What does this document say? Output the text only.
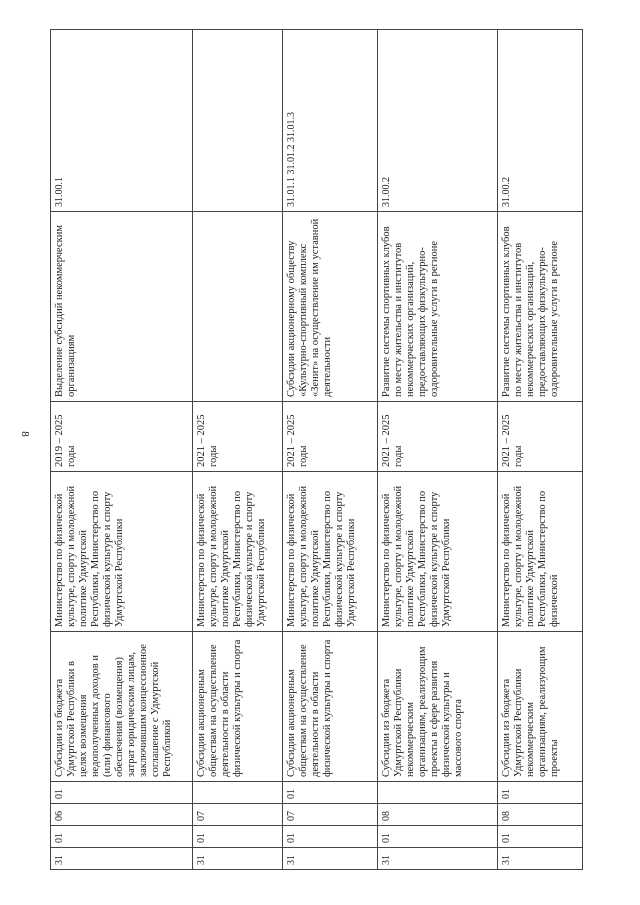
8
31	01	06	01	Субсидии из бюджета Удмуртской Республики в целях возмещения недополученных доходов и (или) финансового обеспечения (возмещения) затрат юридическим лицам, заключившим концессионное соглашение с Удмуртской Республикой	Министерство по физической культуре, спорту и молодежной политике Удмуртской Республики, Министерство по физической культуре и спорту Удмуртской Республики	2019 – 2025 годы	Выделение субсидий некоммерческим организациям	31.00.1
31	01	07		Субсидии акционерным обществам на осуществление деятельности в области физической культуры и спорта	Министерство по физической культуре, спорту и молодежной политике Удмуртской Республики, Министерство по физической культуре и спорту Удмуртской Республики	2021 – 2025 годы		
31	01	07	01	Субсидии акционерным обществам на осуществление деятельности в области физической культуры и спорта	Министерство по физической культуре, спорту и молодежной политике Удмуртской Республики, Министерство по физической культуре и спорту Удмуртской Республики	2021 – 2025 годы	Субсидии акционерному обществу «Культурно-спортивный комплекс «Зенит» на осуществление им уставной деятельности	31.01.1 31.01.2 31.01.3
31	01	08		Субсидии из бюджета Удмуртской Республики некоммерческим организациям, реализующим проекты в сфере развития физической культуры и массового спорта	Министерство по физической культуре, спорту и молодежной политике Удмуртской Республики, Министерство по физической культуре и спорту Удмуртской Республики	2021 – 2025 годы	Развитие системы спортивных клубов по месту жительства и институтов некоммерческих организаций, предоставляющих физкультурно-оздоровительные услуги в регионе	31.00.2
31	01	08	01	Субсидии из бюджета Удмуртской Республики некоммерческим организациям, реализующим проекты	Министерство по физической культуре, спорту и молодежной политике Удмуртской Республики, Министерство по физической	2021 – 2025 годы	Развитие системы спортивных клубов по месту жительства и институтов некоммерческих организаций, предоставляющих физкультурно-оздоровительные услуги в регионе	31.00.2
